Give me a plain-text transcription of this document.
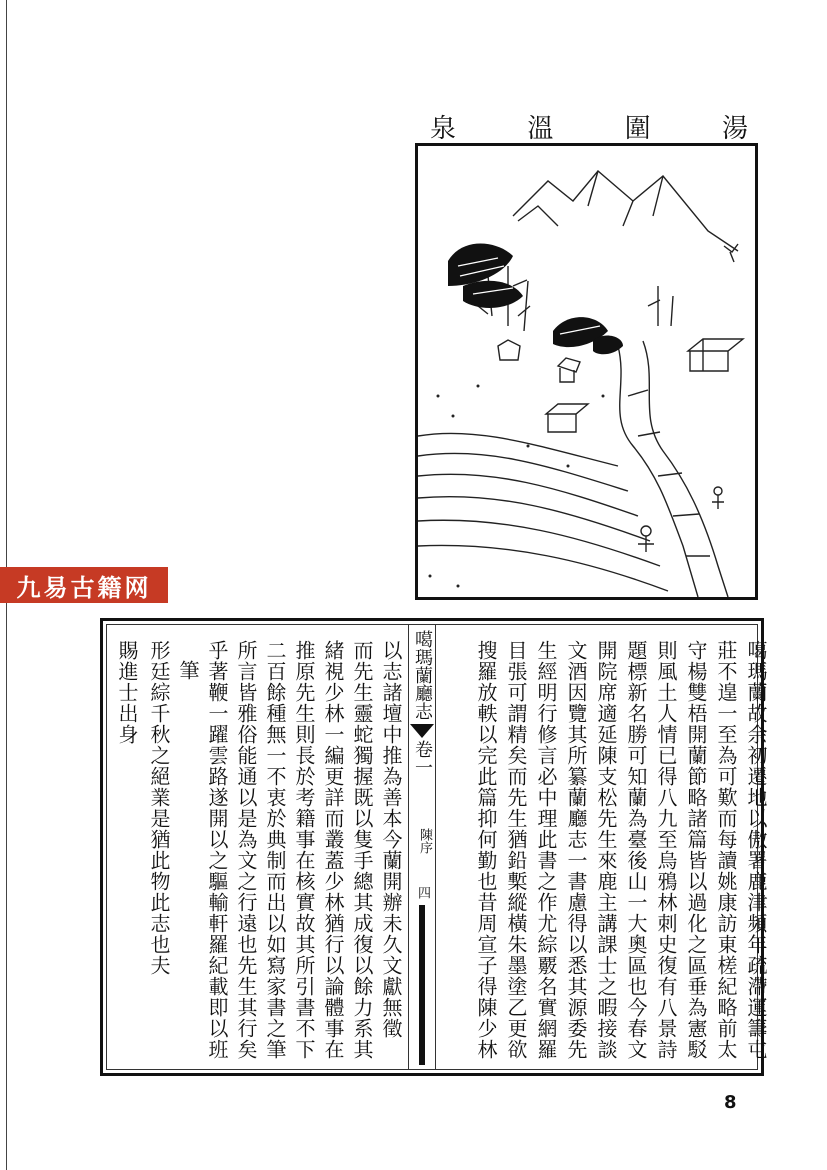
泉	溫	圍	湯
九易古籍网
噶瑪蘭廳志
卷一
陳序
四	噶瑪蘭故余初遷地以傲署鹿津頻年疏滯運籌屯
莊不遑一至為可歎而每讀姚康訪東槎紀略前太
守楊雙梧開蘭節略諸篇皆以過化之區垂為憲駁
則風土人情已得八九至烏鴉林刺史復有八景詩
題標新名勝可知蘭為臺後山一大奧區也今春文
開院席適延陳支松先生來鹿主講課士之暇接談
文酒因覽其所纂蘭廳志一書慮得以悉其源委先
生經明行修言必中理此書之作尤綜覈名實網羅
目張可謂精矣而先生猶鉛槧縱橫朱墨塗乙更欲
搜羅放軼以完此篇抑何勤也昔周宣子得陳少林
以志諸壇中推為善本今蘭開辦未久文獻無徵
而先生靈蛇獨握既以隻手總其成復以餘力系其
緒視少林一編更詳而叢蓋少林猶行以論體事在
推原先生則長於考籍事在核實故其所引書不下
二百餘種無一不衷於典制而出以如寫家書之筆
所言皆雅俗能通以是為文之行遠也先生其行矣
乎著鞭一躍雲路遂開以之驅輸軒羅紀載即以班
筆
形廷綜千秋之絕業是猶此物此志也夫
賜進士出身
8
